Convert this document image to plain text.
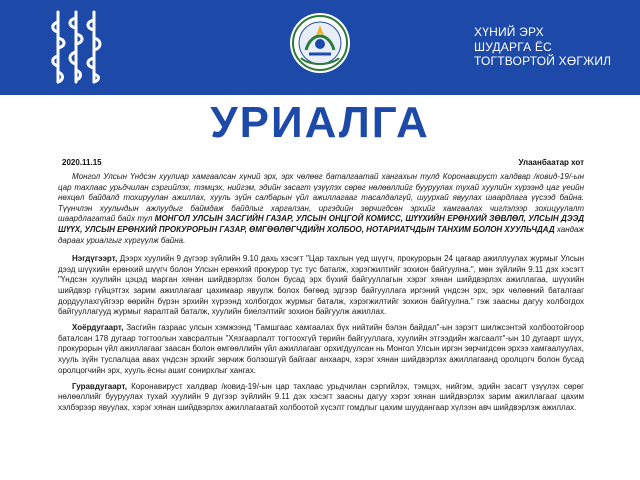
ХҮНИЙ ЭРХ
ШУДАРГА ЁС
ТОГТВОРТОЙ ХӨГЖИЛ
УРИАЛГА
2020.11.15	Улаанбаатар хот

Монгол Улсын Үндсэн хуулиар хамгаалсан хүний эрх, эрх чөлөөг баталгаатай хангахын тулд Коронавируст халдвар /ковид-19/-ын цар тахлаас урьдчилан сэргийлэх, тэмцэх, нийгэм, эдийн засагт үзүүлэх сөрөг нөлөөллийг бууруулах тухай хуулийн хүрээнд цаг үеийн нөхцөл байдалд тохируулан ажиллах, хууль зүйн салбарын үйл ажиллагааг тасалдалгүй, шуурхай явуулах шаардлага үүсээд байна. Түүнчлэн хуульчдын ажлуудыг баймдаж байдлыг харгалзан, иргэдийн зөрчигдсөн эрхийг хамгаалах чиглэлээр зохицуулалт шаардлагатай байх тул МОНГОЛ УЛСЫН ЗАСГИЙН ГАЗАР, УЛСЫН ОНЦГОЙ КОМИСС, ШҮҮХИЙН ЕРӨНХИЙ ЗӨВЛӨЛ, УЛСЫН ДЭЭД ШҮҮХ, УЛСЫН ЕРӨНХИЙ ПРОКУРОРЫН ГАЗАР, ӨМГӨӨЛӨГЧДИЙН ХОЛБОО, НОТАРИАТЧДЫН ТАНХИМ БОЛОН ХУУЛЬЧДАД хандаж дараах уриалгыг хүргүүлж байна.

Нэгдүгээрт, Дээрх хуулийн 9 дүгээр зүйлийн 9.10 дахь хэсэгт "Цар тахлын үед шүүгч, прокурорын 24 цагаар ажиллуулах журмыг Улсын дээд шүүхийн ерөнхий шүүгч болон Улсын ерөнхий прокурор тус тус баталж, хэрэгжилтийг зохион байгуулна.", мөн зүйлийн 9.11 дэх хэсэгт "Үндсэн хуулийн цэцэд марган хянан шийдвэрлэх болон бусад эрх бүхий байгууллагын хэрэг хянан шийдвэрлэх ажиллагаа, шүүхийн шийдвэр гүйцэтгэх зарим ажиллагааг цахимаар явуулж болох бөгөөд эдгээр байгууллага иргэний үндсэн эрх, эрх чөлөөний баталгааг дордуулахгүйгээр өөрийн бүрэн эрхийн хүрээнд холбогдох журмыг баталж, хэрэгжилтийг зохион байгуулна." гэж заасны дагуу холбогдох байгууллагууд журмыг яаралтай баталж, хуулийн биелэлтийг зохион байгуулж ажиллах.

Хоёрдугаарт, Засгийн газраас улсын хэмжээнд "Гамшгаас хамгаалах бүх нийтийн бэлэн байдал"-ын зэрэгт шилжсэнтэй холбоотойгоор баталсан 178 дугаар тогтоолын хавсралтын "Хязгаарлалт тогтоохгүй төрийн байгууллага, хуулийн этгээдийн жагсаалт"-ын 10 дугаарт шүүх, прокурорын үйл ажиллагааг заасан болон өмгөөллийн үйл ажиллагааг орхигдуулсан нь Монгол Улсын иргэн зөрчигдсөн эрхээ хамгаалуулах, хууль зүйн туслалцаа авах үндсэн эрхийг зөрчиж болзошгүй байгааг анхаарч, хэрэг хянан шийдвэрлэх ажиллагаанд оролцогч болон бусад оролцогчийн эрх, хууль ёсны ашиг сонирхлыг хангах.

Гуравдугаарт, Коронавируст халдвар /ковид-19/-ын цар тахлаас урьдчилан сэргийлэх, тэмцэх, нийгэм, эдийн засагт үзүүлэх сөрөг нөлөөллийг бууруулах тухай хуулийн 9 дүгээр зүйлийн 9.11 дэх хэсэгт заасны дагуу хэрэг хянан шийдвэрлэх зарим ажиллагааг цахим хэлбэрээр явуулах, хэрэг хянан шийдвэрлэх ажиллагаатай холбоотой хүсэлт гомдлыг цахим шуудангаар хүлээн авч шийдвэрлэж ажиллах.
